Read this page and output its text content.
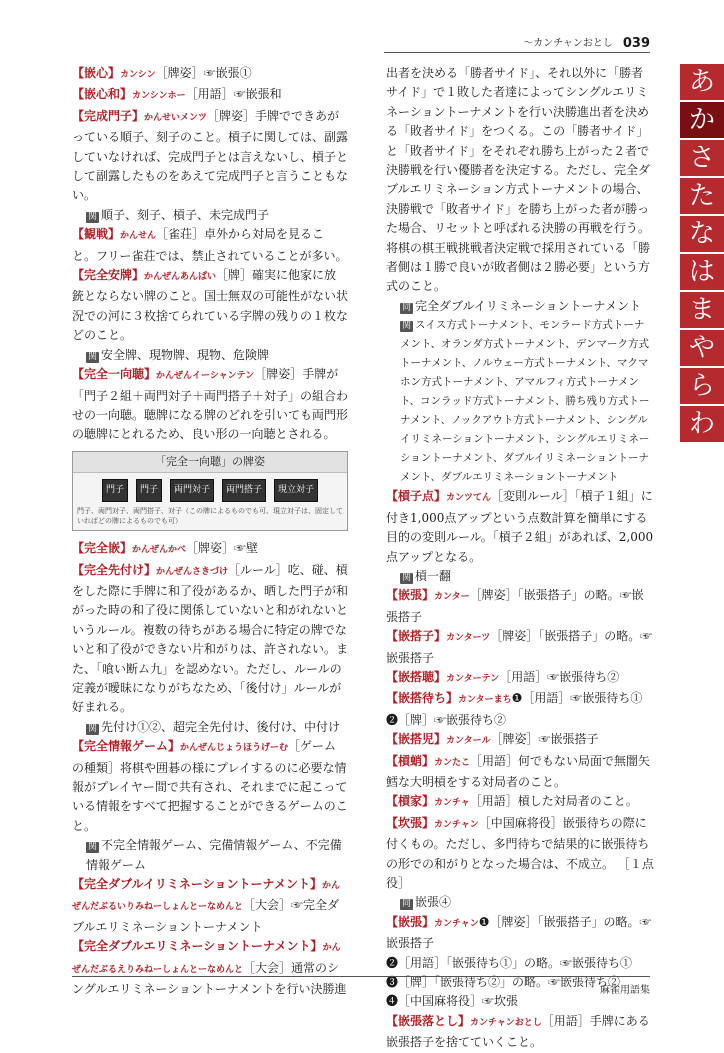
～カンチャンおとし 039

【嵌心】カンシン［牌姿］☞嵌張①

【嵌心和】カンシンホー［用語］☞嵌張和

【完成門子】かんせいメンツ［牌姿］手牌でできあがっている順子、刻子のこと。槓子に関しては、副露していなければ、完成門子とは言えないし、槓子として副露したものをあえて完成門子と言うこともない。

関 順子、刻子、槓子、未完成門子

【観戦】かんせん［雀荘］卓外から対局を見ること。フリー雀荘では、禁止されていることが多い。

【完全安牌】かんぜんあんぱい［牌］確実に他家に放銃とならない牌のこと。国士無双の可能性がない状況での河に３枚捨てられている字牌の残りの１枚などのこと。

関 安全牌、現物牌、現物、危険牌

【完全一向聴】かんぜんイーシャンテン［牌姿］手牌が「門子２組＋両門対子＋両門搭子＋対子」の組合わせの一向聴。聴牌になる牌のどれを引いても両門形の聴牌にとれるため、良い形の一向聴とされる。

「完全一向聴」の牌姿
門子	門子	両門対子	両門搭子	現立対子
門子、両門対子、両門搭子、対子（この牌によるものでも可、現立対子は、固定していればどの牌によるものでも可）

【完全嵌】かんぜんかべ［牌姿］☞壁

【完全先付け】かんぜんさきづけ［ルール］吃、碰、槓をした際に手牌に和了役があるか、晒した門子が和がった時の和了役に関係していないと和がれないというルール。複数の待ちがある場合に特定の牌でないと和了役ができない片和がりは、許されない。また、「喰い断ム九」を認めない。ただし、ルールの定義が曖昧になりがちなため、「後付け」ルールが好まれる。

関 先付け①②、超完全先付け、後付け、中付け

【完全情報ゲーム】かんぜんじょうほうげーむ［ゲームの種類］将棋や囲碁の様にプレイするのに必要な情報がプレイヤー間で共有され、それまでに起こっている情報をすべて把握することができるゲームのこと。

関 不完全情報ゲーム、完備情報ゲーム、不完備情報ゲーム

【完全ダブルイリミネーショントーナメント】かんぜんだぶるいりみねーしょんとーなめんと［大会］☞完全ダブルエリミネーショントーナメント

【完全ダブルエリミネーショントーナメント】かんぜんだぶるえりみねーしょんとーなめんと［大会］通常のシングルエリミネーショントーナメントを行い決勝進

出者を決める「勝者サイド」、それ以外に「勝者サイド」で１敗した者達によってシングルエリミネーショントーナメントを行い決勝進出者を決める「敗者サイド」をつくる。この「勝者サイド」と「敗者サイド」をそれぞれ勝ち上がった２者で決勝戦を行い優勝者を決定する。ただし、完全ダブルエリミネーション方式トーナメントの場合、決勝戦で「敗者サイド」を勝ち上がった者が勝った場合、リセットと呼ばれる決勝の再戦を行う。将棋の棋王戦挑戦者決定戦で採用されている「勝者側は１勝で良いが敗者側は２勝必要」という方式のこと。

同 完全ダブルイリミネーショントーナメント

関 スイス方式トーナメント、モンラード方式トーナメント、オランダ方式トーナメント、デンマーク方式トーナメント、ノルウェー方式トーナメント、マクマホン方式トーナメント、アマルフィ方式トーナメント、コンラッド方式トーナメント、勝ち残り方式トーナメント、ノックアウト方式トーナメント、シングルイリミネーショントーナメント、シングルエリミネーショントーナメント、ダブルイリミネーショントーナメント、ダブルエリミネーショントーナメント

【槓子点】カンツてん［変則ルール］「槓子１組」に付き1,000点アップという点数計算を簡単にする目的の変則ルール。「槓子２組」があれば、2,000点アップとなる。

関 槓一翻

【嵌張】カンター［牌姿］「嵌張搭子」の略。☞嵌張搭子

【嵌搭子】カンターツ［牌姿］「嵌張搭子」の略。☞嵌張搭子

【嵌搭聴】カンターテン［用語］☞嵌張待ち②

【嵌搭待ち】カンターまち❶［用語］☞嵌張待ち①

❷［牌］☞嵌張待ち②

【嵌搭児】カンタール［牌姿］☞嵌張搭子

【槓蛸】カンたこ［用語］何でもない局面で無闇矢鱈な大明槓をする対局者のこと。

【槓家】カンチャ［用語］槓した対局者のこと。

【坎張】カンチャン［中国麻将役］嵌張待ちの際に付くもの。ただし、多門待ちで結果的に嵌張待ちの形での和がりとなった場合は、不成立。 ［１点役］

同 嵌張④

【嵌張】カンチャン❶［牌姿］「嵌張搭子」の略。☞嵌張搭子

❷［用語］「嵌張待ち①」の略。☞嵌張待ち①

❸［牌］「嵌張待ち②」の略。☞嵌張待ち②

❹［中国麻将役］☞坎張

【嵌張落とし】カンチャンおとし［用語］手牌にある嵌張搭子を捨てていくこと。

あ
か
さ
た
な
は
ま
や
ら
わ
麻雀用語集
